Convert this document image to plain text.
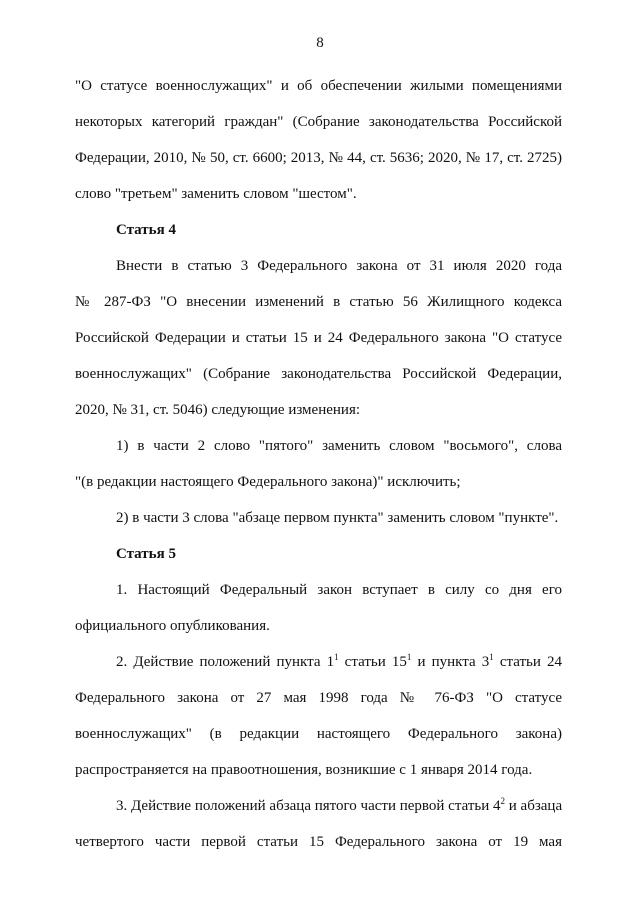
8
"О статусе военнослужащих" и об обеспечении жилыми помещениями
некоторых категорий граждан" (Собрание законодательства Российской
Федерации, 2010, № 50, ст. 6600; 2013, № 44, ст. 5636; 2020, № 17, ст. 2725)
слово "третьем" заменить словом "шестом".
Статья 4
Внести в статью 3 Федерального закона от 31 июля 2020 года
№ 287-ФЗ "О внесении изменений в статью 56 Жилищного кодекса
Российской Федерации и статьи 15 и 24 Федерального закона "О статусе
военнослужащих" (Собрание законодательства Российской Федерации,
2020, № 31, ст. 5046) следующие изменения:
1) в части 2 слово "пятого" заменить словом "восьмого", слова
"(в редакции настоящего Федерального закона)" исключить;
2) в части 3 слова "абзаце первом пункта" заменить словом "пункте".
Статья 5
1. Настоящий Федеральный закон вступает в силу со дня его
официального опубликования.
2. Действие положений пункта $1^1$ статьи $15^1$ и пункта $3^1$ статьи 24
Федерального закона от 27 мая 1998 года № 76-ФЗ "О статусе
военнослужащих" (в редакции настоящего Федерального закона)
распространяется на правоотношения, возникшие с 1 января 2014 года.
3. Действие положений абзаца пятого части первой статьи $4^2$ и абзаца
четвертого части первой статьи 15 Федерального закона от 19 мая
